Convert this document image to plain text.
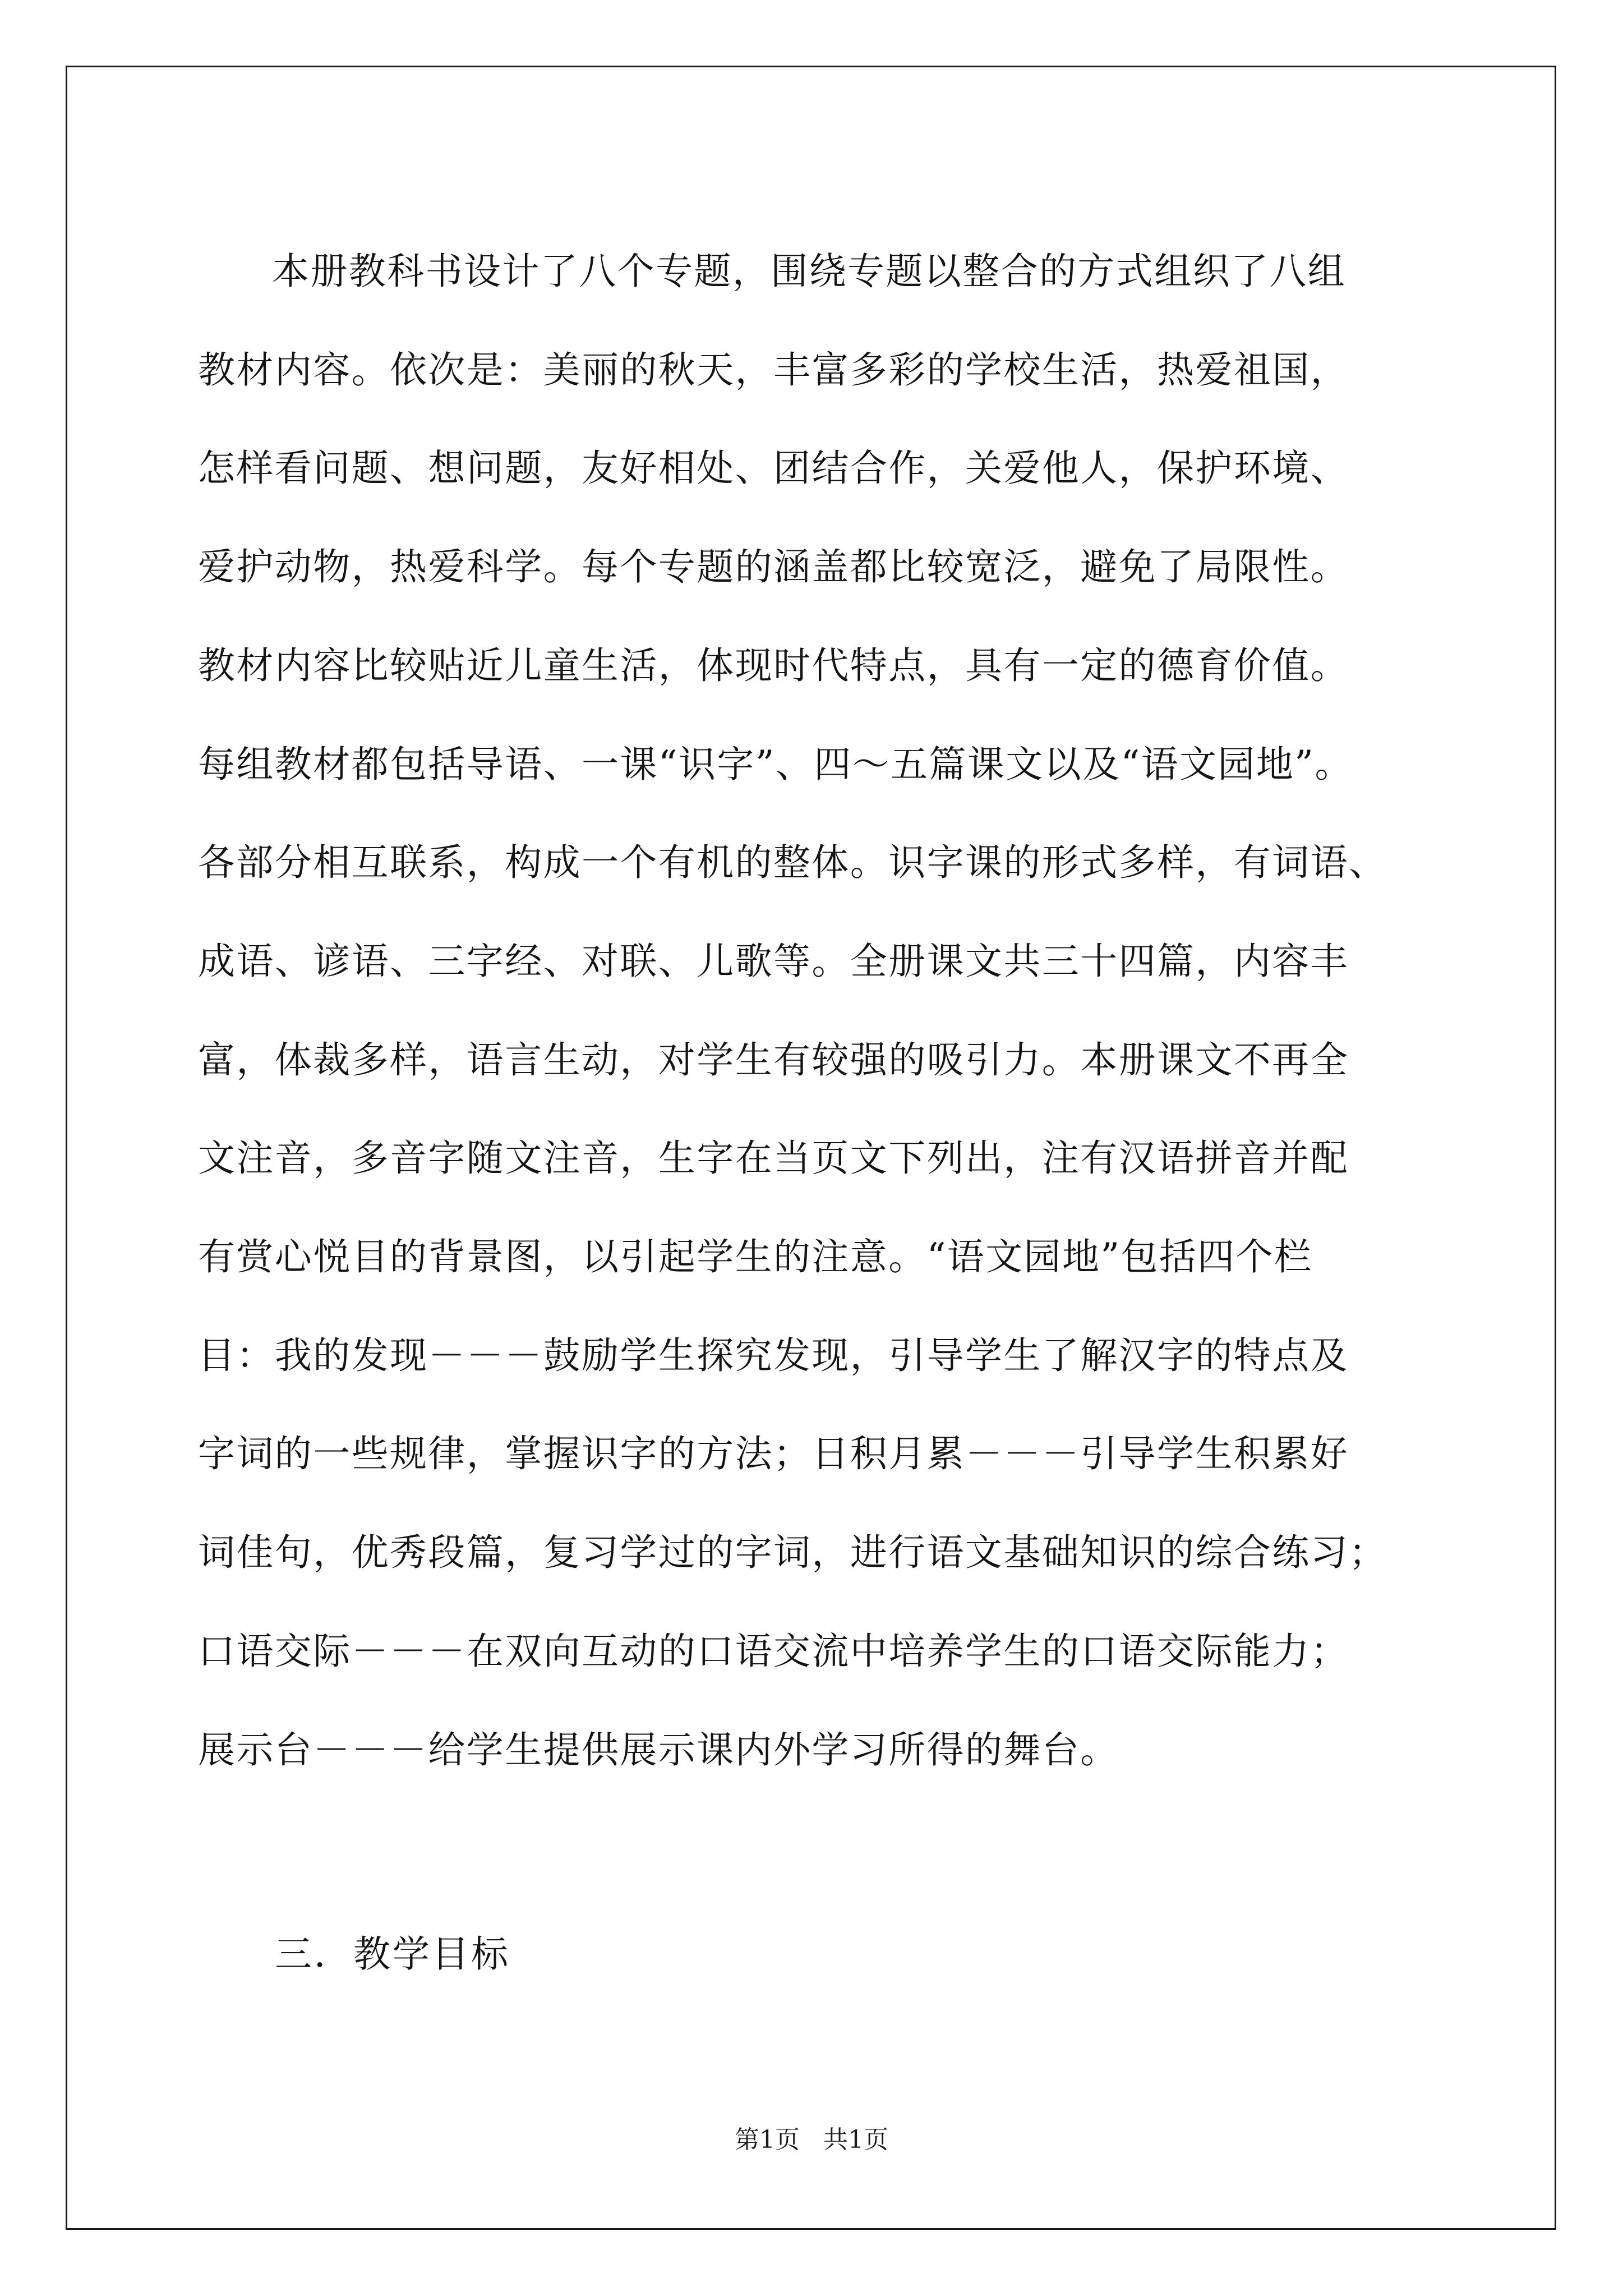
本册教科书设计了八个专题，围绕专题以整合的方式组织了八组
教材内容。依次是：美丽的秋天，丰富多彩的学校生活，热爱祖国，
怎样看问题、想问题，友好相处、团结合作，关爱他人，保护环境、
爱护动物，热爱科学。每个专题的涵盖都比较宽泛，避免了局限性。
教材内容比较贴近儿童生活，体现时代特点，具有一定的德育价值。
每组教材都包括导语、一课“识字”、四～五篇课文以及“语文园地”。
各部分相互联系，构成一个有机的整体。识字课的形式多样，有词语、
成语、谚语、三字经、对联、儿歌等。全册课文共三十四篇，内容丰
富，体裁多样，语言生动，对学生有较强的吸引力。本册课文不再全
文注音，多音字随文注音，生字在当页文下列出，注有汉语拼音并配
有赏心悦目的背景图，以引起学生的注意。“语文园地”包括四个栏
目：我的发现－－－鼓励学生探究发现，引导学生了解汉字的特点及
字词的一些规律，掌握识字的方法；日积月累－－－引导学生积累好
词佳句，优秀段篇，复习学过的字词，进行语文基础知识的综合练习；
口语交际－－－在双向互动的口语交流中培养学生的口语交际能力；
展示台－－－给学生提供展示课内外学习所得的舞台。

三．教学目标
第1页   共1页
